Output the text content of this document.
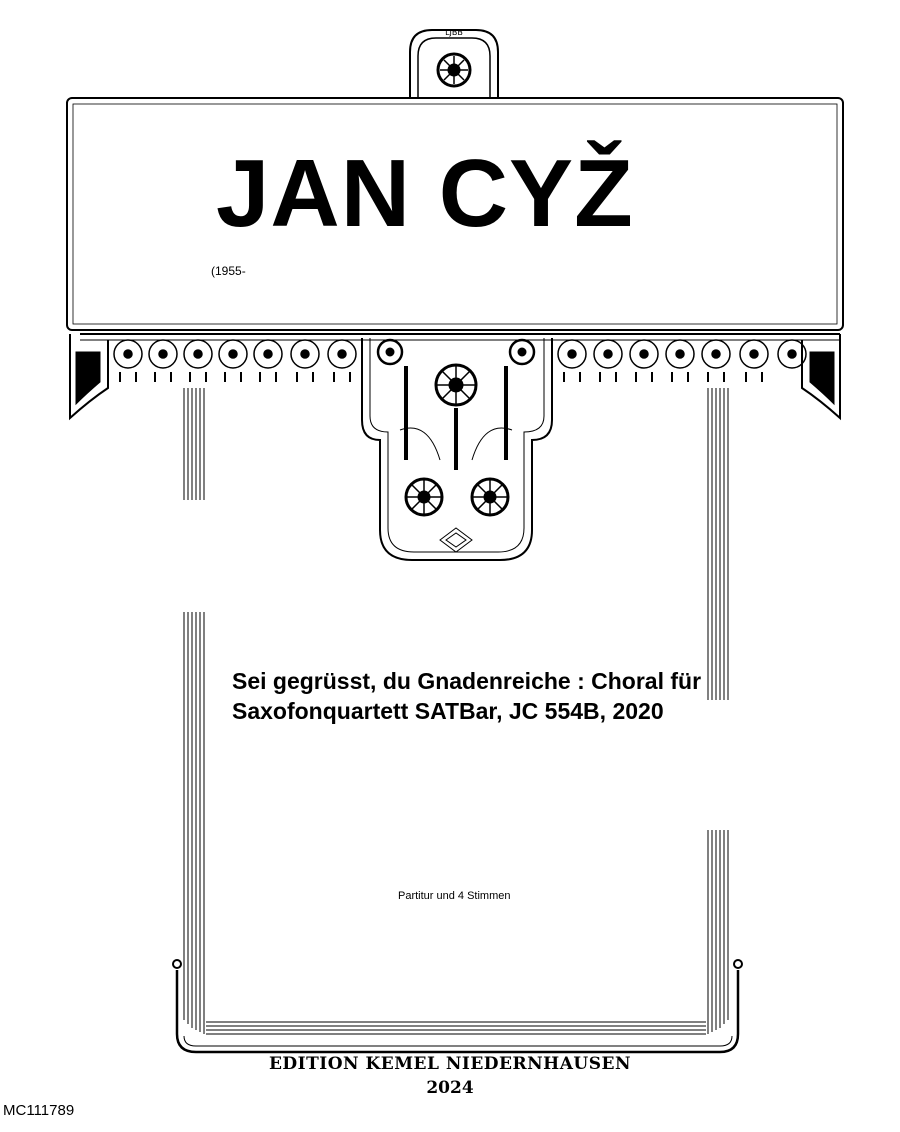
LJBB
JAN CYŽ
(1955-
Sei gegrüsst, du Gnadenreiche : Choral für Saxofonquartett SATBar, JC 554B, 2020
Partitur und 4 Stimmen
EDITION KEMEL NIEDERNHAUSEN
2024
MC111789
